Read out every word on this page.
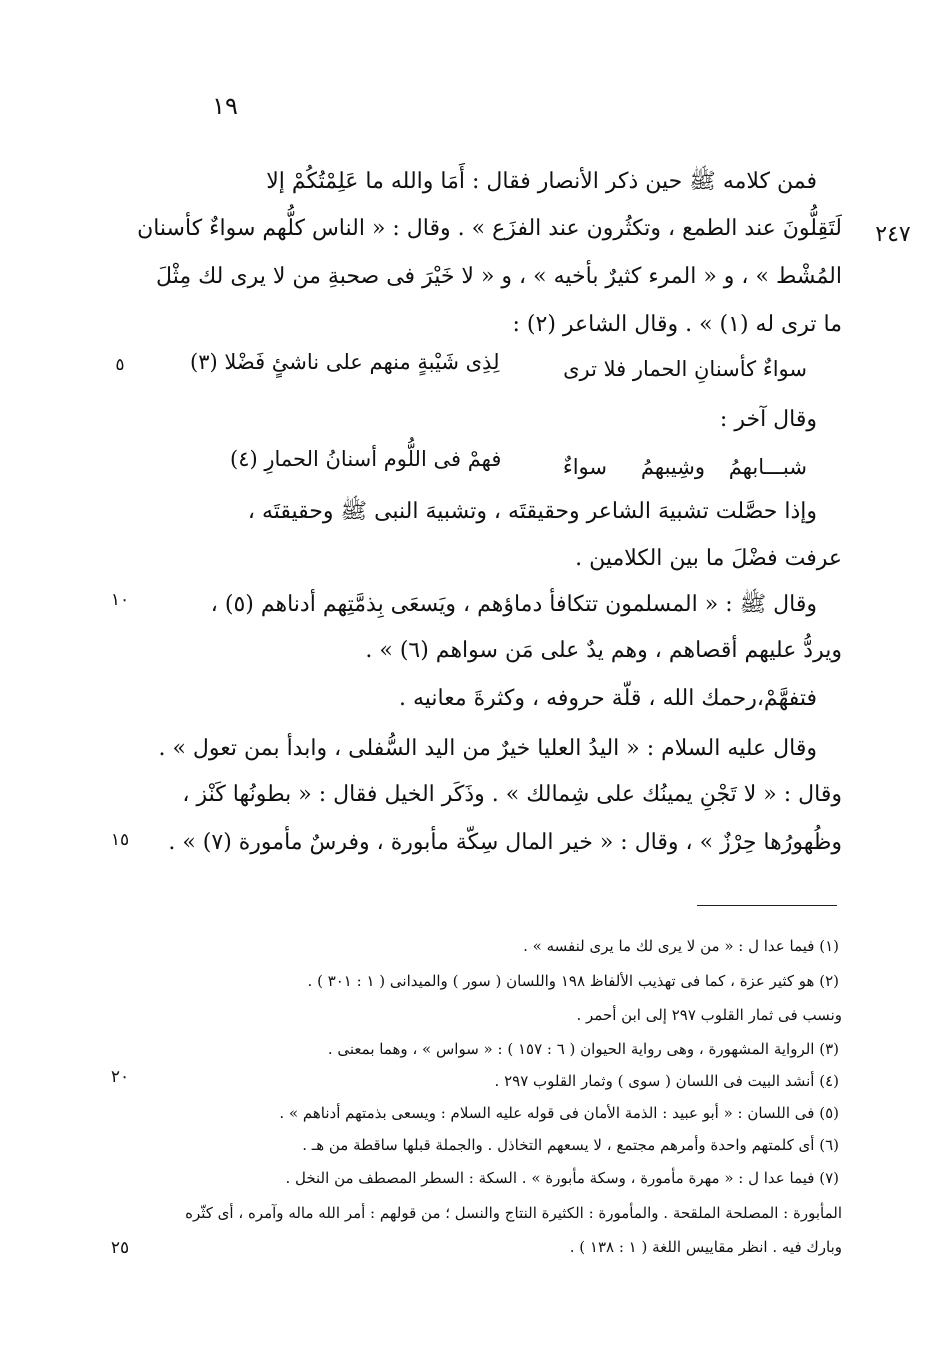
١٩
٢٤٧
٥
١٠
١٥
٢٠
٢٥
فمن كلامه ﷺ حين ذكر الأنصار فقال : أَمَا والله ما عَلِمْتُكُمْ إلا
لَتَقِلُّونَ عند الطمع ، وتكثُرون عند الفزَع » . وقال : « الناس كلُّهم سواءٌ كأسنان
المُشْط » ، و « المرء كثيرٌ بأخيه » ، و « لا خَيْرَ فى صحبةِ من لا يرى لك مِثْلَ
ما ترى له (١) » . وقال الشاعر (٢) :
سواءٌ كأسنانِ الحمار فلا ترى
لِذِى شَيْبةٍ منهم على ناشئٍ فَضْلا (٣)
وقال آخر :
شبـــابهمُ
وشِيبهمُ
سواءٌ
فهمْ فى اللُّوم أسنانُ الحمارِ (٤)
وإذا حصَّلت تشبيهَ الشاعر وحقيقتَه ، وتشبيهَ النبى ﷺ وحقيقتَه ،
عرفت فضْلَ ما بين الكلامين .
وقال ﷺ : « المسلمون تتكافأ دماؤهم ، ويَسعَى بِذمَّتِهم أدناهم (٥) ،
ويردُّ عليهم أقصاهم ، وهم يدٌ على مَن سواهم (٦) » .
فتفهَّمْ،رحمك الله ، قلّة حروفه ، وكثرةَ معانيه .
وقال عليه السلام : « اليدُ العليا خيرٌ من اليد السُّفلى ، وابدأ بمن تعول » .
وقال : « لا تَجْنِ يمينُك على شِمالك » . وذَكَر الخيل فقال : « بطونُها كَنْز ،
وظُهورُها حِرْزٌ » ، وقال : « خير المال سِكّة مأبورة ، وفرسٌ مأمورة (٧) » .
(١) فيما عدا ل : « من لا يرى لك ما يرى لنفسه » .
(٢) هو كثير عزة ، كما فى تهذيب الألفاظ ١٩٨ واللسان ( سور ) والميدانى ( ١ : ٣٠١ ) .
ونسب فى ثمار القلوب ٢٩٧ إلى ابن أحمر .
(٣) الرواية المشهورة ، وهى رواية الحيوان ( ٦ : ١٥٧ ) : « سواس » ، وهما بمعنى .
(٤) أنشد البيت فى اللسان ( سوى ) وثمار القلوب ٢٩٧ .
(٥) فى اللسان : « أبو عبيد : الذمة الأمان فى قوله عليه السلام : ويسعى بذمتهم أدناهم » .
(٦) أى كلمتهم واحدة وأمرهم مجتمع ، لا يسعهم التخاذل . والجملة قبلها ساقطة من هـ .
(٧) فيما عدا ل : « مهرة مأمورة ، وسكة مأبورة » . السكة : السطر المصطف من النخل .
المأبورة : المصلحة الملقحة . والمأمورة : الكثيرة النتاج والنسل ؛ من قولهم : أمر الله ماله وآمره ، أى كثّره
وبارك فيه . انظر مقاييس اللغة ( ١ : ١٣٨ ) .
